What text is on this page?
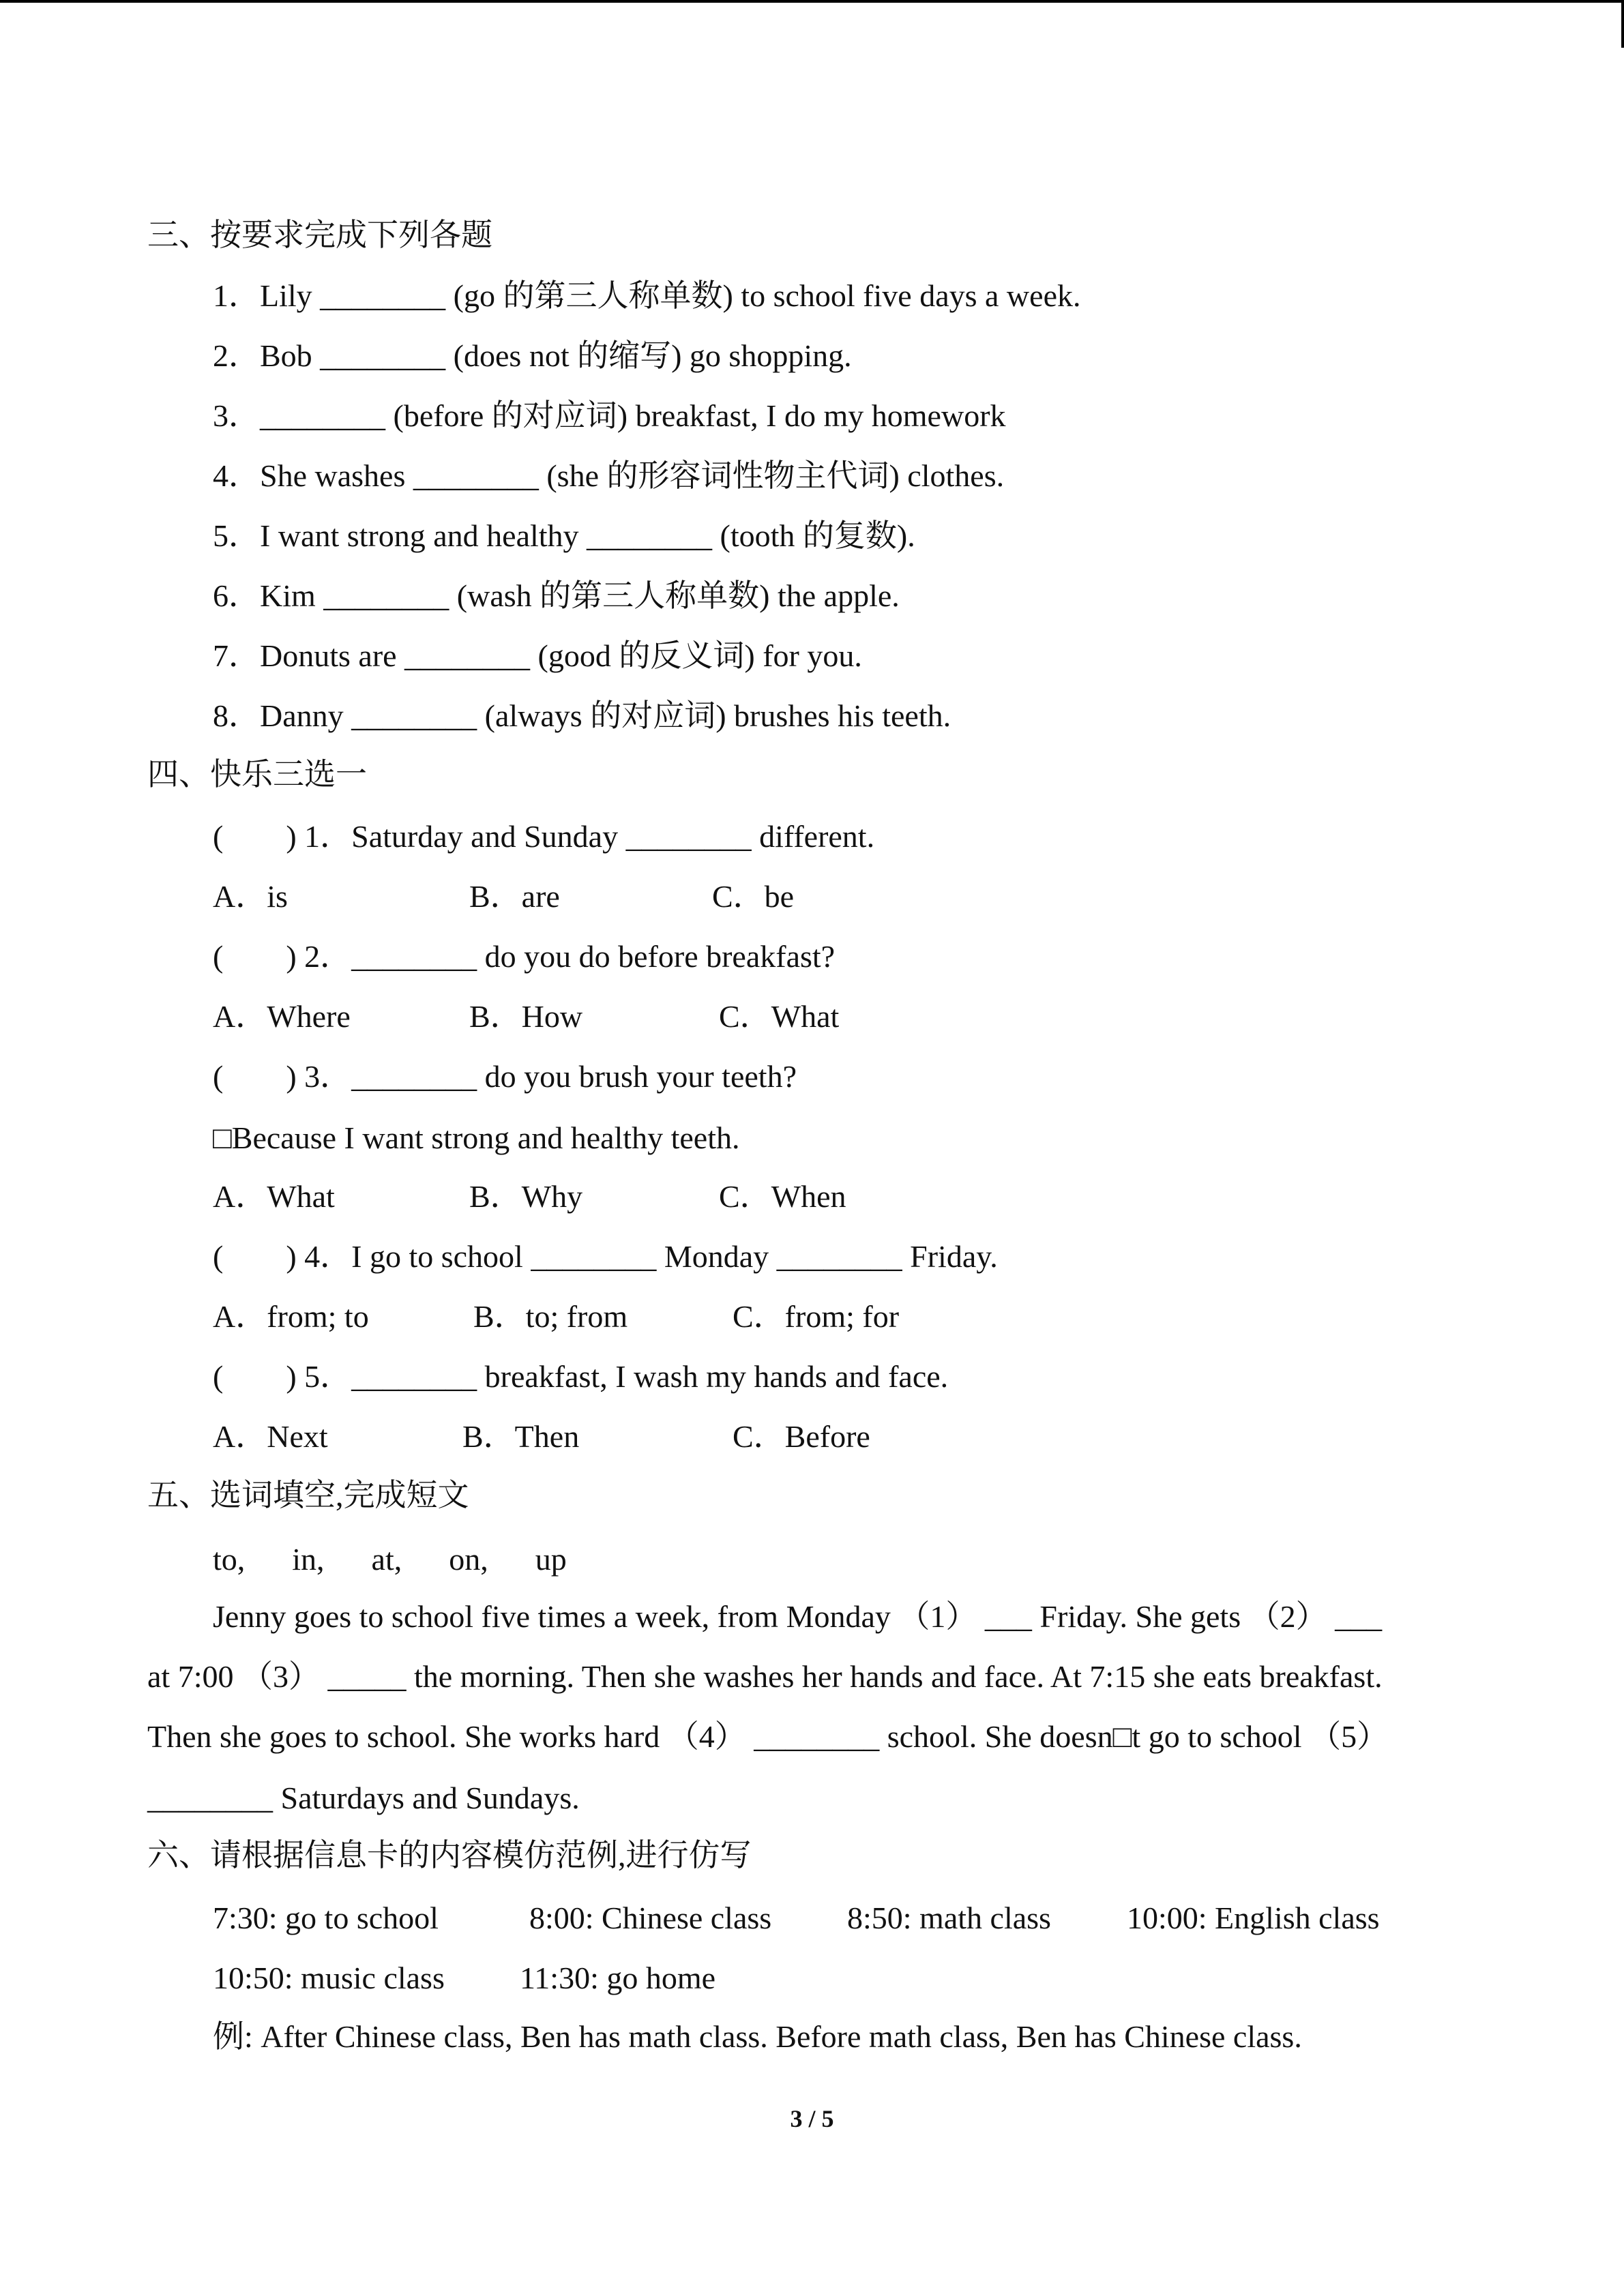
三、按要求完成下列各题
1．Lily ________ (go 的第三人称单数) to school five days a week.
2．Bob ________ (does not 的缩写) go shopping.
3．________ (before 的对应词) breakfast, I do my homework
4．She washes ________ (she 的形容词性物主代词) clothes.
5．I want strong and healthy ________ (tooth 的复数).
6．Kim ________ (wash 的第三人称单数) the apple.
7．Donuts are ________ (good 的反义词) for you.
8．Danny ________ (always 的对应词) brushes his teeth.
四、快乐三选一
(        ) 1．Saturday and Sunday ________ different.
A．is	B．are	C．be
(        ) 2．________ do you do before breakfast?
A．Where	B．How	C．What
(        ) 3．________ do you brush your teeth?
□Because I want strong and healthy teeth.
A．What	B．Why	C．When
(        ) 4．I go to school ________ Monday ________ Friday.
A．from; to	B．to; from	C．from; for
(        ) 5．________ breakfast, I wash my hands and face.
A．Next	B．Then	C．Before
五、选词填空,完成短文
to,      in,      at,      on,      up
Jenny goes to school five times a week, from Monday （1） ___ Friday. She gets （2） ___
at 7:00 （3） _____ the morning. Then she washes her hands and face. At 7:15 she eats breakfast.
Then she goes to school. She works hard （4） ________ school. She doesn□t go to school （5）
________ Saturdays and Sundays.
六、请根据信息卡的内容模仿范例,进行仿写
7:30: go to school	8:00: Chinese class 8:50: math class 10:00: English class
10:50: music class 11:30: go home
例: After Chinese class, Ben has math class. Before math class, Ben has Chinese class.
3 / 5
